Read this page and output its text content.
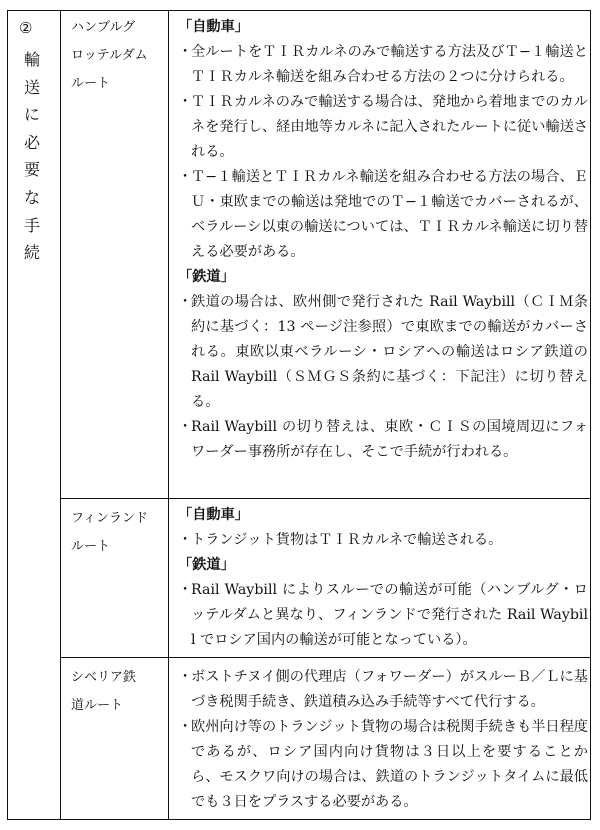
②
輸
送
に
必
要
な
手
続
ハンブルグ
ロッテルダム
ルート
「自動車」
・
全ルートをＴＩＲカルネのみで輸送する方法及びＴ−１輸送とＴＩＲカルネ輸送を組み合わせる方法の２つに分けられる。
・
ＴＩＲカルネのみで輸送する場合は、発地から着地までのカルネを発行し、経由地等カルネに記入されたルートに従い輸送される。
・
Ｔ−１輸送とＴＩＲカルネ輸送を組み合わせる方法の場合、ＥＵ・東欧までの輸送は発地でのＴ−１輸送でカバーされるが、ベラルーシ以東の輸送については、ＴＩＲカルネ輸送に切り替える必要がある。
「鉄道」
・
鉄道の場合は、欧州側で発行された Rail Waybill（ＣＩＭ条約に基づく：13 ページ注参照）で東欧までの輸送がカバーされる。東欧以東ベラルーシ・ロシアへの輸送はロシア鉄道の Rail Waybill（ＳＭＧＳ条約に基づく：下記注）に切り替える。
・
Rail Waybill の切り替えは、東欧・ＣＩＳの国境周辺にフォワーダー事務所が存在し、そこで手続が行われる。
フィンランド
ルート
「自動車」
・
トランジット貨物はＴＩＲカルネで輸送される。
「鉄道」
・
Rail Waybill によりスルーでの輸送が可能（ハンブルグ・ロッテルダムと異なり、フィンランドで発行された Rail Waybill でロシア国内の輸送が可能となっている）。
シベリア鉄
道ルート
・
ボストチヌイ側の代理店（フォワーダー）がスルーＢ／Ｌに基づき税関手続き、鉄道積み込み手続等すべて代行する。
・
欧州向け等のトランジット貨物の場合は税関手続きも半日程度であるが、ロシア国内向け貨物は３日以上を要することから、モスクワ向けの場合は、鉄道のトランジットタイムに最低でも３日をプラスする必要がある。
